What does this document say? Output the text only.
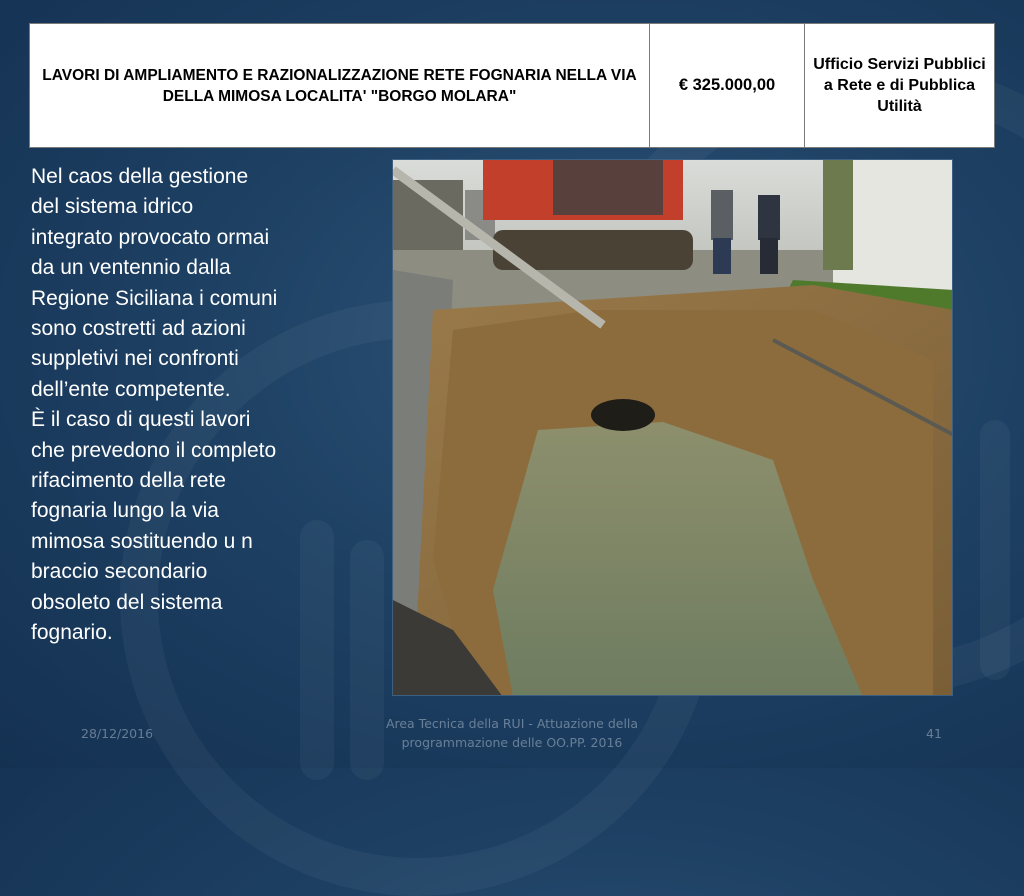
LAVORI DI AMPLIAMENTO E RAZIONALIZZAZIONE RETE FOGNARIA NELLA VIA DELLA MIMOSA LOCALITA' "BORGO MOLARA"
€ 325.000,00
Ufficio Servizi Pubblici a Rete e di Pubblica Utilità
Nel caos della gestione
del sistema idrico
integrato provocato ormai
da un ventennio dalla
Regione Siciliana i comuni
sono costretti ad azioni
suppletivi nei confronti
dell’ente competente.
È il caso di questi lavori
che prevedono il completo
rifacimento della rete
fognaria lungo la via
mimosa sostituendo u n
braccio secondario
obsoleto del sistema
fognario.
28/12/2016
Area Tecnica della RUI - Attuazione della
programmazione delle OO.PP. 2016
41
